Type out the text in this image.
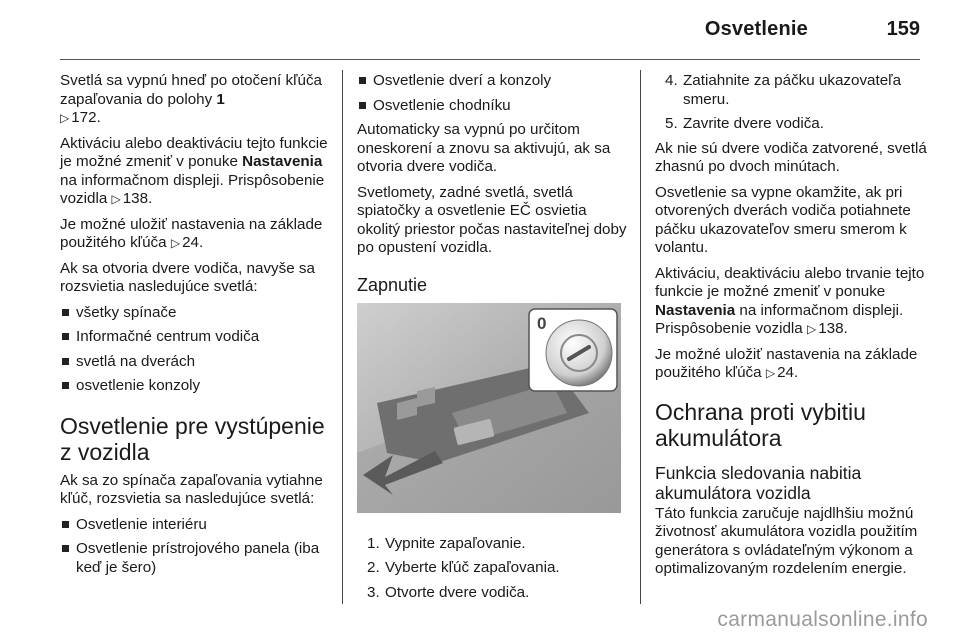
Osvetlenie	159

Svetlá sa vypnú hneď po otočení kľúča zapaľovania do polohy 1
▷ 172.

Aktiváciu alebo deaktiváciu tejto funkcie je možné zmeniť v ponuke Nastavenia na informačnom displeji. Prispôsobenie vozidla ▷ 138.

Je možné uložiť nastavenia na základe použitého kľúča ▷ 24.

Ak sa otvoria dvere vodiča, navyše sa rozsvietia nasledujúce svetlá:

všetky spínače
Informačné centrum vodiča
svetlá na dverách
osvetlenie konzoly
Osvetlenie pre vystúpenie z vozidla

Ak sa zo spínača zapaľovania vytiahne kľúč, rozsvietia sa nasledujúce svetlá:

Osvetlenie interiéru
Osvetlenie prístrojového panela (iba keď je šero)
Osvetlenie dverí a konzoly
Osvetlenie chodníku

Automaticky sa vypnú po určitom oneskorení a znovu sa aktivujú, ak sa otvoria dvere vodiča.

Svetlomety, zadné svetlá, svetlá spiatočky a osvetlenie EČ osvietia okolitý priestor počas nastaviteľnej doby po opustení vozidla.

Zapnutie
0
1. Vypnite zapaľovanie.
2. Vyberte kľúč zapaľovania.
3. Otvorte dvere vodiča.
4. Zatiahnite za páčku ukazovateľa smeru.
5. Zavrite dvere vodiča.

Ak nie sú dvere vodiča zatvorené, svetlá zhasnú po dvoch minútach.

Osvetlenie sa vypne okamžite, ak pri otvorených dverách vodiča potiahnete páčku ukazovateľov smeru smerom k volantu.

Aktiváciu, deaktiváciu alebo trvanie tejto funkcie je možné zmeniť v ponuke Nastavenia na informačnom displeji. Prispôsobenie vozidla ▷ 138.

Je možné uložiť nastavenia na základe použitého kľúča ▷ 24.

Ochrana proti vybitiu akumulátora
Funkcia sledovania nabitia akumulátora vozidla

Táto funkcia zaručuje najdlhšiu možnú životnosť akumulátora vozidla použitím generátora s ovládateľným výkonom a optimalizovaným rozdelením energie.

carmanualsonline.info
